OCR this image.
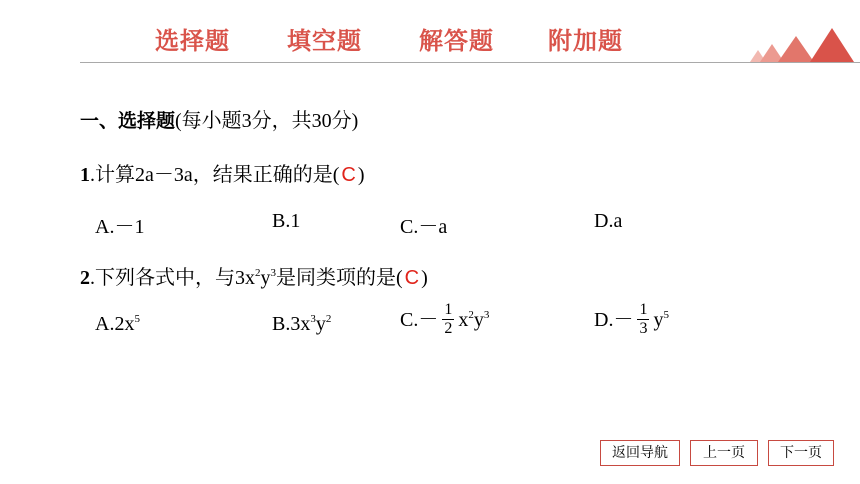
选择题 填空题 解答题 附加题
一、选择题(每小题3分，共30分)
1.计算2a－3a，结果正确的是( C )
A.－1	B.1	C.－a	D.a
2.下列各式中，与$3x^2y^3$是同类项的是( C )
$A.2x^5$	$B.3x^3y^2$	$C.- \frac{1}{2} x^2y^3$	$D.- \frac{1}{3} y^5$
返回导航	上一页	下一页
